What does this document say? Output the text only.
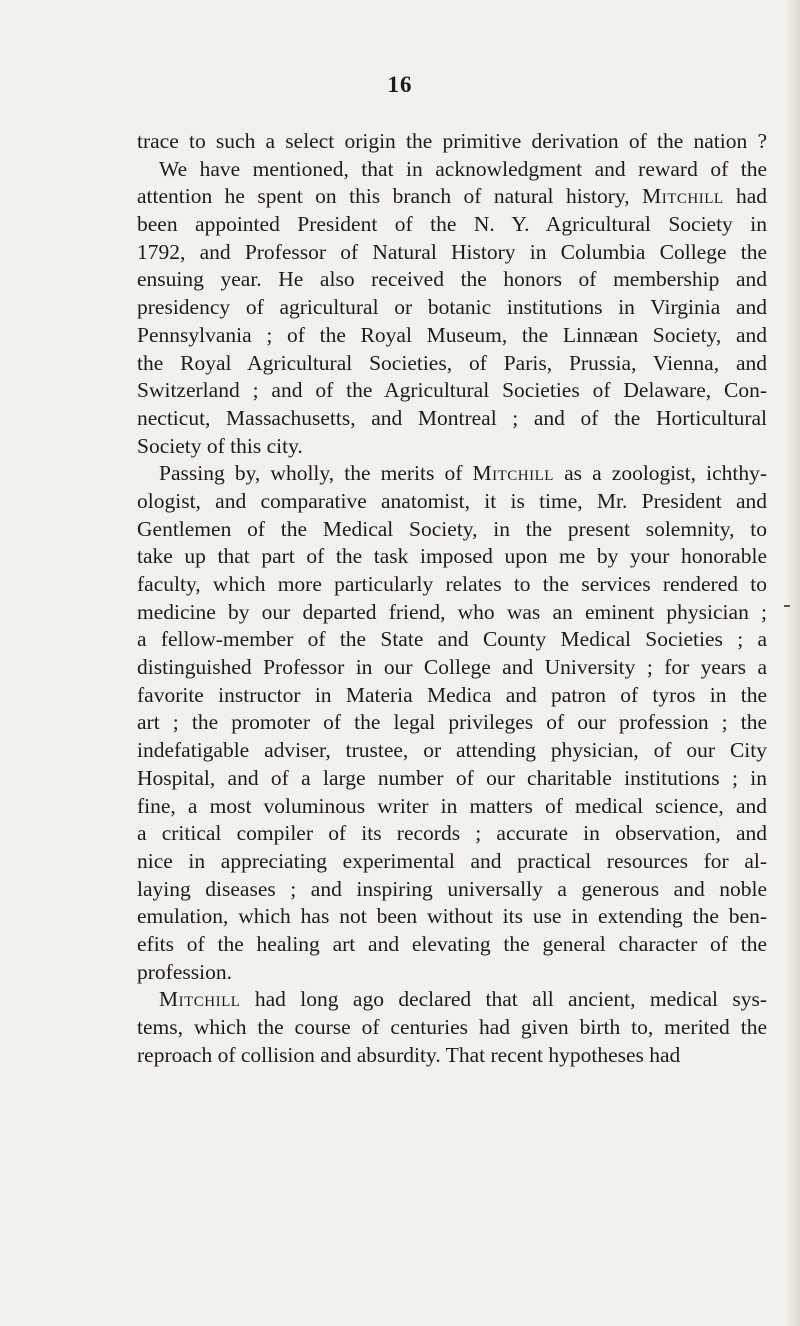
16
trace to such a select origin the primitive derivation of the nation ?
We have mentioned, that in acknowledgment and reward of the
attention he spent on this branch of natural history, Mitchill had
been appointed President of the N. Y. Agricultural Society in
1792, and Professor of Natural History in Columbia College the
ensuing year. He also received the honors of membership and
presidency of agricultural or botanic institutions in Virginia and
Pennsylvania ; of the Royal Museum, the Linnæan Society, and
the Royal Agricultural Societies, of Paris, Prussia, Vienna, and
Switzerland ; and of the Agricultural Societies of Delaware, Con-
necticut, Massachusetts, and Montreal ; and of the Horticultural
Society of this city.
Passing by, wholly, the merits of Mitchill as a zoologist, ichthy-
ologist, and comparative anatomist, it is time, Mr. President and
Gentlemen of the Medical Society, in the present solemnity, to
take up that part of the task imposed upon me by your honorable
faculty, which more particularly relates to the services rendered to
medicine by our departed friend, who was an eminent physician ;
a fellow-member of the State and County Medical Societies ; a
distinguished Professor in our College and University ; for years a
favorite instructor in Materia Medica and patron of tyros in the
art ; the promoter of the legal privileges of our profession ; the
indefatigable adviser, trustee, or attending physician, of our City
Hospital, and of a large number of our charitable institutions ; in
fine, a most voluminous writer in matters of medical science, and
a critical compiler of its records ; accurate in observation, and
nice in appreciating experimental and practical resources for al-
laying diseases ; and inspiring universally a generous and noble
emulation, which has not been without its use in extending the ben-
efits of the healing art and elevating the general character of the
profession.
Mitchill had long ago declared that all ancient, medical sys-
tems, which the course of centuries had given birth to, merited the
reproach of collision and absurdity. That recent hypotheses had
